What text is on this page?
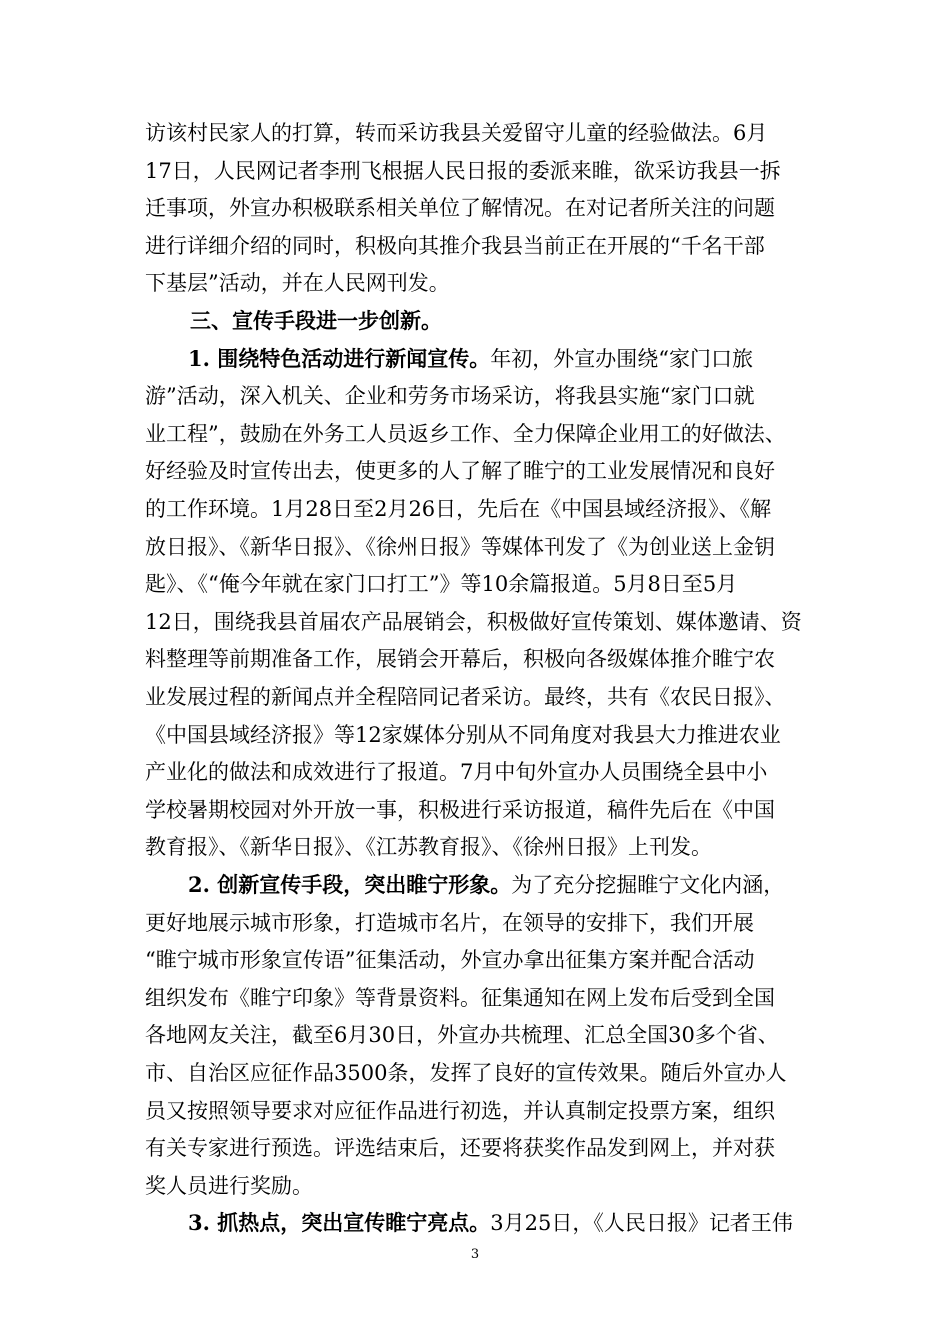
访该村民家人的打算，转而采访我县关爱留守儿童的经验做法。6月
17日，人民网记者李刑飞根据人民日报的委派来睢，欲采访我县一拆
迁事项，外宣办积极联系相关单位了解情况。在对记者所关注的问题
进行详细介绍的同时，积极向其推介我县当前正在开展的“千名干部
下基层”活动，并在人民网刊发。
三、宣传手段进一步创新。
1. 围绕特色活动进行新闻宣传。年初，外宣办围绕“家门口旅
游”活动，深入机关、企业和劳务市场采访，将我县实施“家门口就
业工程”，鼓励在外务工人员返乡工作、全力保障企业用工的好做法、
好经验及时宣传出去，使更多的人了解了睢宁的工业发展情况和良好
的工作环境。1月28日至2月26日，先后在《中国县域经济报》、《解
放日报》、《新华日报》、《徐州日报》等媒体刊发了《为创业送上金钥
匙》、《“俺今年就在家门口打工”》等10余篇报道。5月8日至5月
12日，围绕我县首届农产品展销会，积极做好宣传策划、媒体邀请、资
料整理等前期准备工作，展销会开幕后，积极向各级媒体推介睢宁农
业发展过程的新闻点并全程陪同记者采访。最终，共有《农民日报》、
《中国县域经济报》等12家媒体分别从不同角度对我县大力推进农业
产业化的做法和成效进行了报道。7月中旬外宣办人员围绕全县中小
学校暑期校园对外开放一事，积极进行采访报道，稿件先后在《中国
教育报》、《新华日报》、《江苏教育报》、《徐州日报》上刊发。
2. 创新宣传手段，突出睢宁形象。为了充分挖掘睢宁文化内涵，
更好地展示城市形象，打造城市名片，在领导的安排下，我们开展
“睢宁城市形象宣传语”征集活动，外宣办拿出征集方案并配合活动
组织发布《睢宁印象》等背景资料。征集通知在网上发布后受到全国
各地网友关注，截至6月30日，外宣办共梳理、汇总全国30多个省、
市、自治区应征作品3500条，发挥了良好的宣传效果。随后外宣办人
员又按照领导要求对应征作品进行初选，并认真制定投票方案，组织
有关专家进行预选。评选结束后，还要将获奖作品发到网上，并对获
奖人员进行奖励。
3. 抓热点，突出宣传睢宁亮点。3月25日，《人民日报》记者王伟
3
